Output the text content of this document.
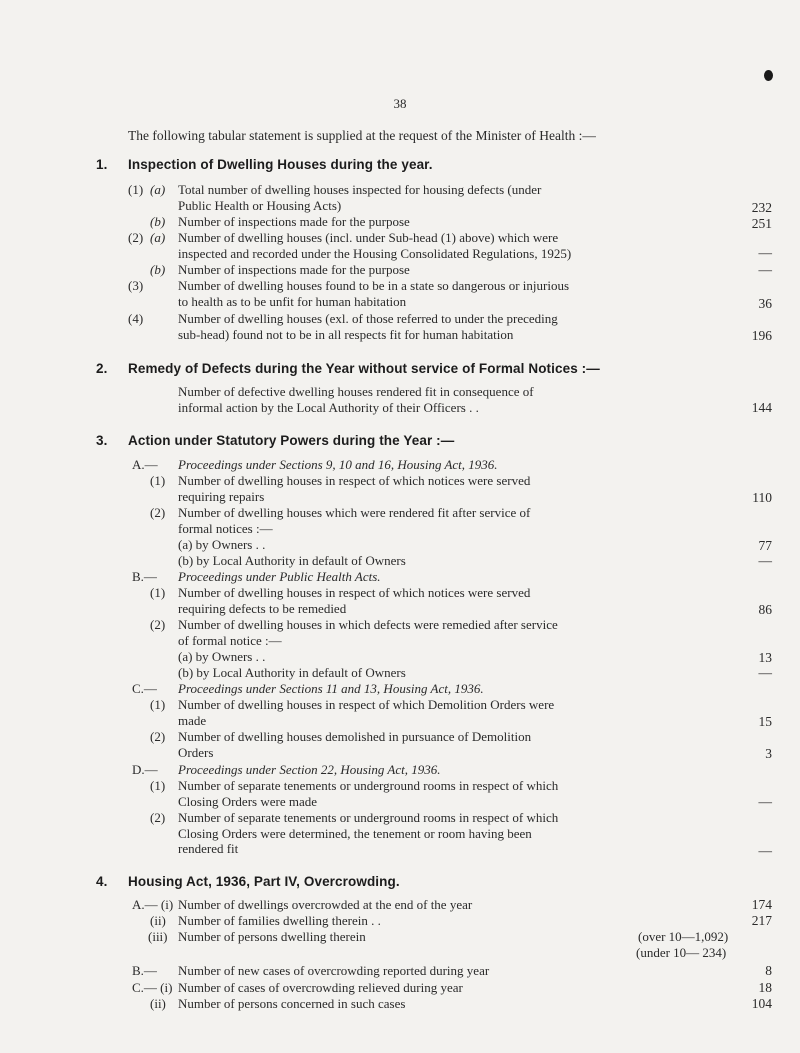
38
The following tabular statement is supplied at the request of the Minister of Health :—
1. Inspection of Dwelling Houses during the year.
(1) (a) Total number of dwelling houses inspected for housing defects (under
Public Health or Housing Acts)	232
(b) Number of inspections made for the purpose	251
(2) (a) Number of dwelling houses (incl. under Sub-head (1) above) which were
inspected and recorded under the Housing Consolidated Regulations, 1925)	—
(b) Number of inspections made for the purpose	—
(3)	Number of dwelling houses found to be in a state so dangerous or injurious
to health as to be unfit for human habitation	36
(4)	Number of dwelling houses (exl. of those referred to under the preceding
sub-head) found not to be in all respects fit for human habitation	196
2. Remedy of Defects during the Year without service of Formal Notices :—
Number of defective dwelling houses rendered fit in consequence of
informal action by the Local Authority of their Officers . .	144
3. Action under Statutory Powers during the Year :—
A.— Proceedings under Sections 9, 10 and 16, Housing Act, 1936.
(1) Number of dwelling houses in respect of which notices were served
requiring repairs	110
(2) Number of dwelling houses which were rendered fit after service of
formal notices :—
(a) by Owners . .	77
(b) by Local Authority in default of Owners	—
B.— Proceedings under Public Health Acts.
(1) Number of dwelling houses in respect of which notices were served
requiring defects to be remedied	86
(2) Number of dwelling houses in which defects were remedied after service
of formal notice :—
(a) by Owners . .	13
(b) by Local Authority in default of Owners	—
C.— Proceedings under Sections 11 and 13, Housing Act, 1936.
(1) Number of dwelling houses in respect of which Demolition Orders were
made	15
(2) Number of dwelling houses demolished in pursuance of Demolition
Orders	3
D.— Proceedings under Section 22, Housing Act, 1936.
(1) Number of separate tenements or underground rooms in respect of which
Closing Orders were made	—
(2) Number of separate tenements or underground rooms in respect of which
Closing Orders were determined, the tenement or room having been
rendered fit	—
4. Housing Act, 1936, Part IV, Overcrowding.
A.— (i) Number of dwellings overcrowded at the end of the year	174
(ii) Number of families dwelling therein . .	217
(iii) Number of persons dwelling therein	(over 10—1,092)
(under 10— 234)
B.— Number of new cases of overcrowding reported during year	8
C.— (i) Number of cases of overcrowding relieved during year	18
(ii) Number of persons concerned in such cases	104
